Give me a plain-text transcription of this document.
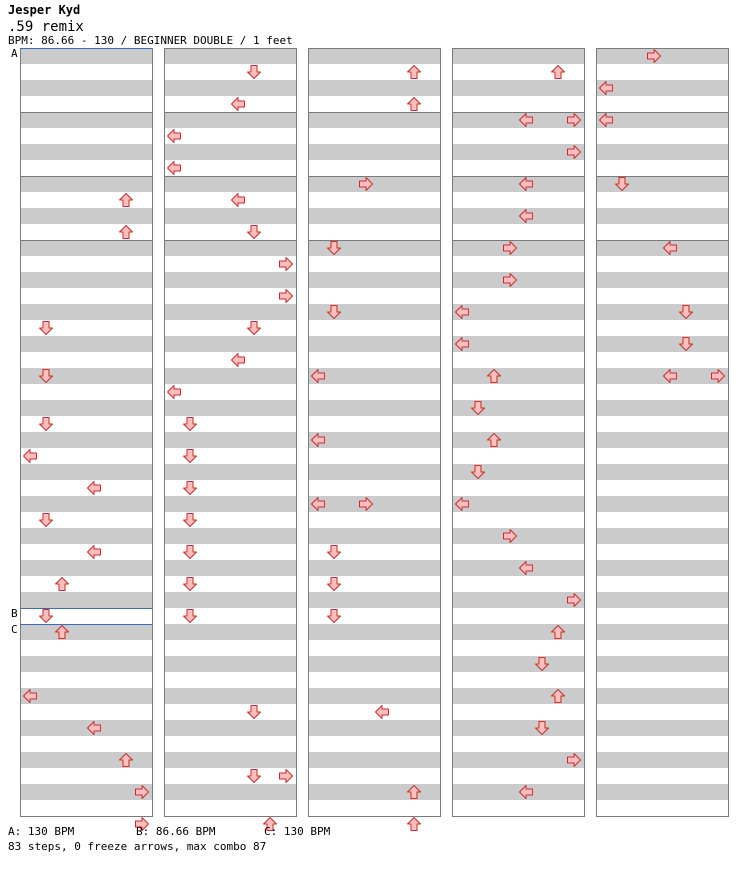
Jesper Kyd
.59 remix
BPM: 86.66 - 130 / BEGINNER DOUBLE / 1 feet
A
B
C
A: 130 BPM	B: 86.66 BPM	C: 130 BPM
83 steps, 0 freeze arrows, max combo 87
